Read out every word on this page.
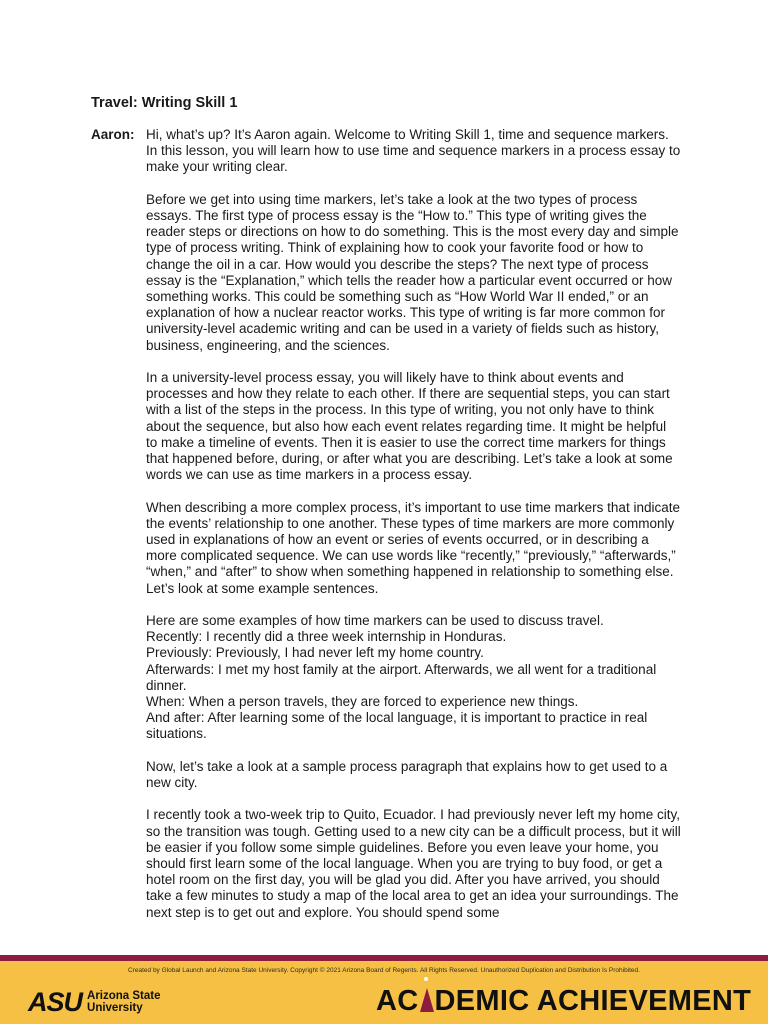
Travel: Writing Skill 1
Aaron: Hi, what’s up? It’s Aaron again. Welcome to Writing Skill 1, time and sequence markers. In this lesson, you will learn how to use time and sequence markers in a process essay to make your writing clear.

Before we get into using time markers, let’s take a look at the two types of process essays. The first type of process essay is the “How to.” This type of writing gives the reader steps or directions on how to do something. This is the most every day and simple type of process writing. Think of explaining how to cook your favorite food or how to change the oil in a car. How would you describe the steps? The next type of process essay is the “Explanation,” which tells the reader how a particular event occurred or how something works. This could be something such as “How World War II ended,” or an explanation of how a nuclear reactor works. This type of writing is far more common for university-level academic writing and can be used in a variety of fields such as history, business, engineering, and the sciences.

In a university-level process essay, you will likely have to think about events and processes and how they relate to each other. If there are sequential steps, you can start with a list of the steps in the process. In this type of writing, you not only have to think about the sequence, but also how each event relates regarding time. It might be helpful to make a timeline of events. Then it is easier to use the correct time markers for things that happened before, during, or after what you are describing. Let’s take a look at some words we can use as time markers in a process essay.

When describing a more complex process, it’s important to use time markers that indicate the events’ relationship to one another. These types of time markers are more commonly used in explanations of how an event or series of events occurred, or in describing a more complicated sequence. We can use words like “recently,” “previously,” “afterwards,” “when,” and “after” to show when something happened in relationship to something else. Let’s look at some example sentences.

Here are some examples of how time markers can be used to discuss travel.

Recently: I recently did a three week internship in Honduras.

Previously: Previously, I had never left my home country.

Afterwards: I met my host family at the airport. Afterwards, we all went for a traditional dinner.

When: When a person travels, they are forced to experience new things.

And after: After learning some of the local language, it is important to practice in real situations.

Now, let’s take a look at a sample process paragraph that explains how to get used to a new city.

I recently took a two-week trip to Quito, Ecuador. I had previously never left my home city, so the transition was tough. Getting used to a new city can be a difficult process, but it will be easier if you follow some simple guidelines. Before you even leave your home, you should first learn some of the local language. When you are trying to buy food, or get a hotel room on the first day, you will be glad you did. After you have arrived, you should take a few minutes to study a map of the local area to get an idea your surroundings. The next step is to get out and explore. You should spend some

Created by Global Launch and Arizona State University. Copyright © 2021 Arizona Board of Regents. All Rights Reserved. Unauthorized Duplication and Distribution Is Prohibited.
ASU Arizona State
University	AC DEMIC ACHIEVEMENT
